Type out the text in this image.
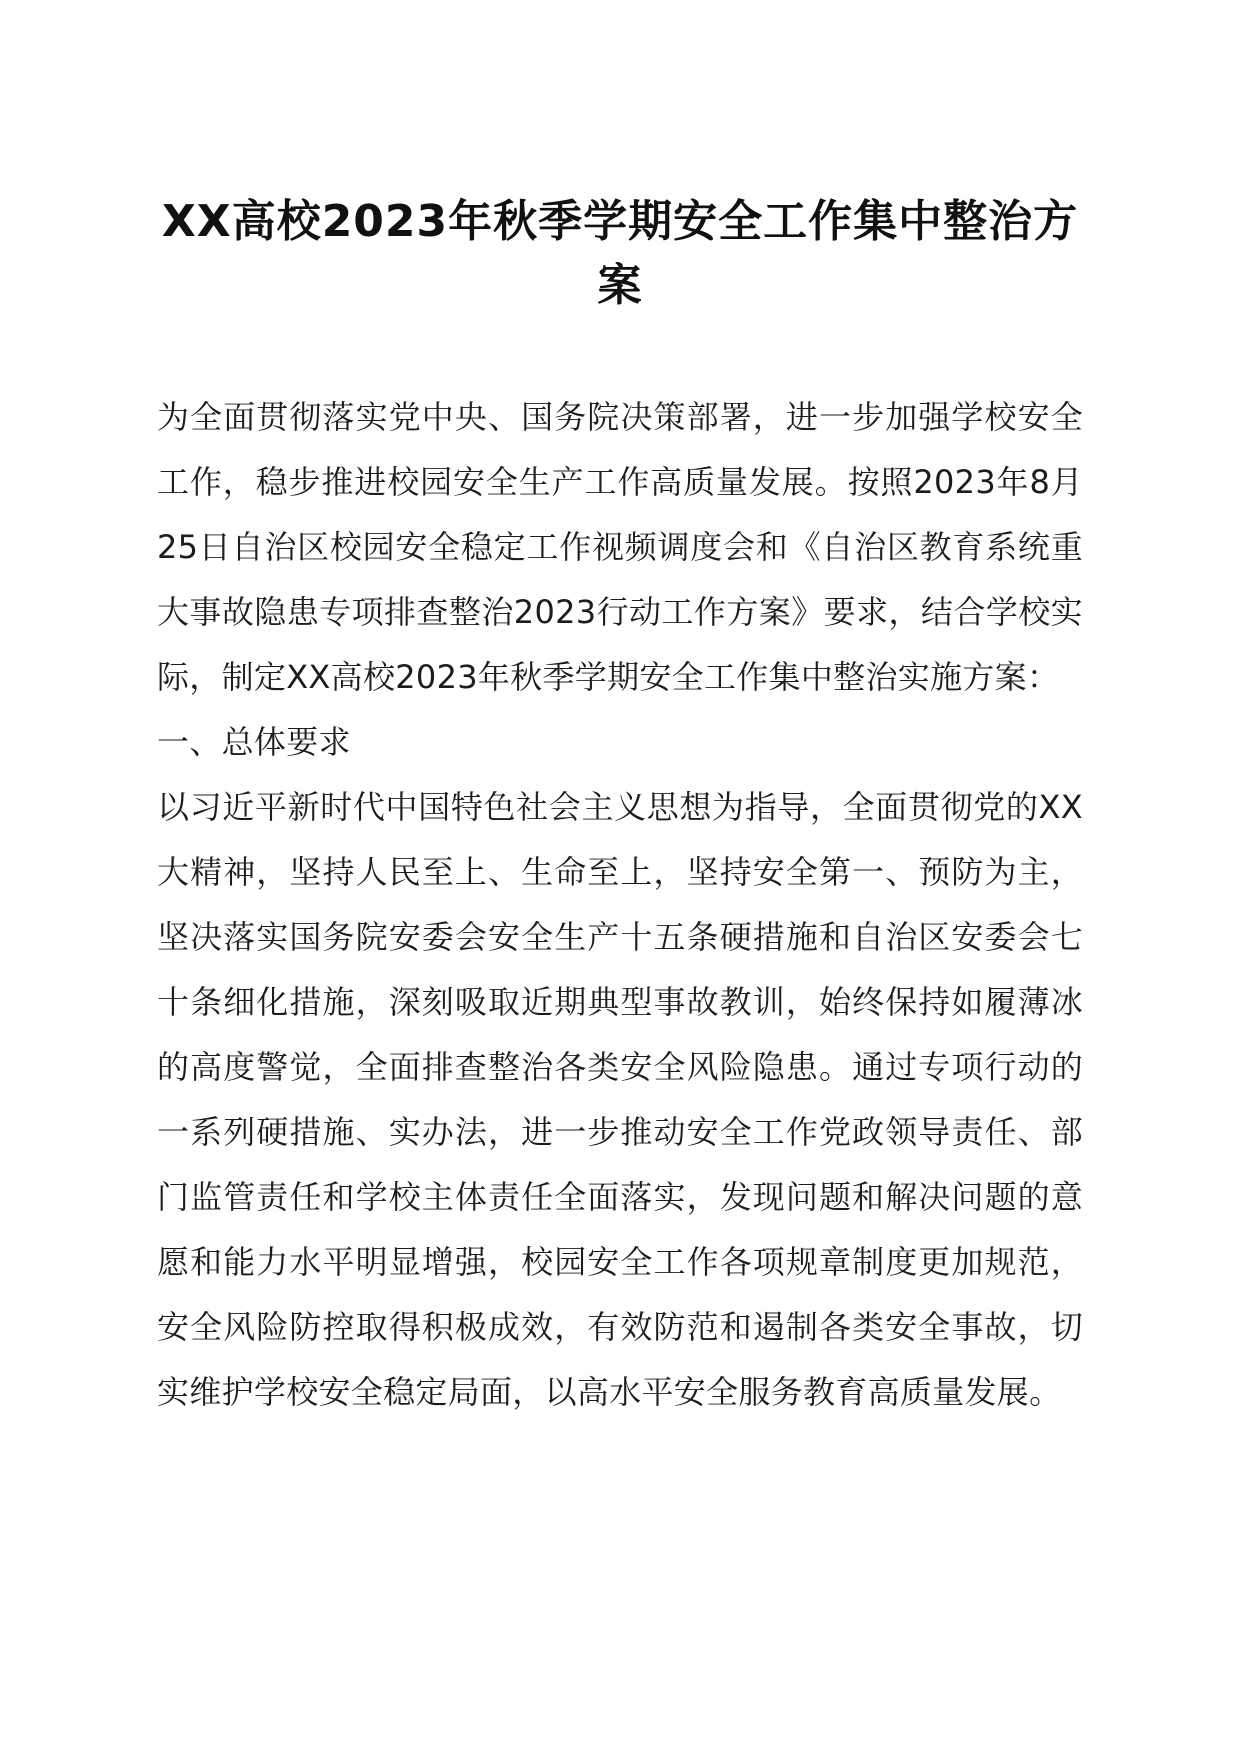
XX高校2023年秋季学期安全工作集中整治方案

为全面贯彻落实党中央、国务院决策部署，进一步加强学校安全工作，稳步推进校园安全生产工作高质量发展。按照2023年8月25日自治区校园安全稳定工作视频调度会和《自治区教育系统重大事故隐患专项排查整治2023行动工作方案》要求，结合学校实际，制定XX高校2023年秋季学期安全工作集中整治实施方案：

一、总体要求

以习近平新时代中国特色社会主义思想为指导，全面贯彻党的XX大精神，坚持人民至上、生命至上，坚持安全第一、预防为主，坚决落实国务院安委会安全生产十五条硬措施和自治区安委会七十条细化措施，深刻吸取近期典型事故教训，始终保持如履薄冰的高度警觉，全面排查整治各类安全风险隐患。通过专项行动的一系列硬措施、实办法，进一步推动安全工作党政领导责任、部门监管责任和学校主体责任全面落实，发现问题和解决问题的意愿和能力水平明显增强，校园安全工作各项规章制度更加规范，安全风险防控取得积极成效，有效防范和遏制各类安全事故，切实维护学校安全稳定局面，以高水平安全服务教育高质量发展。
